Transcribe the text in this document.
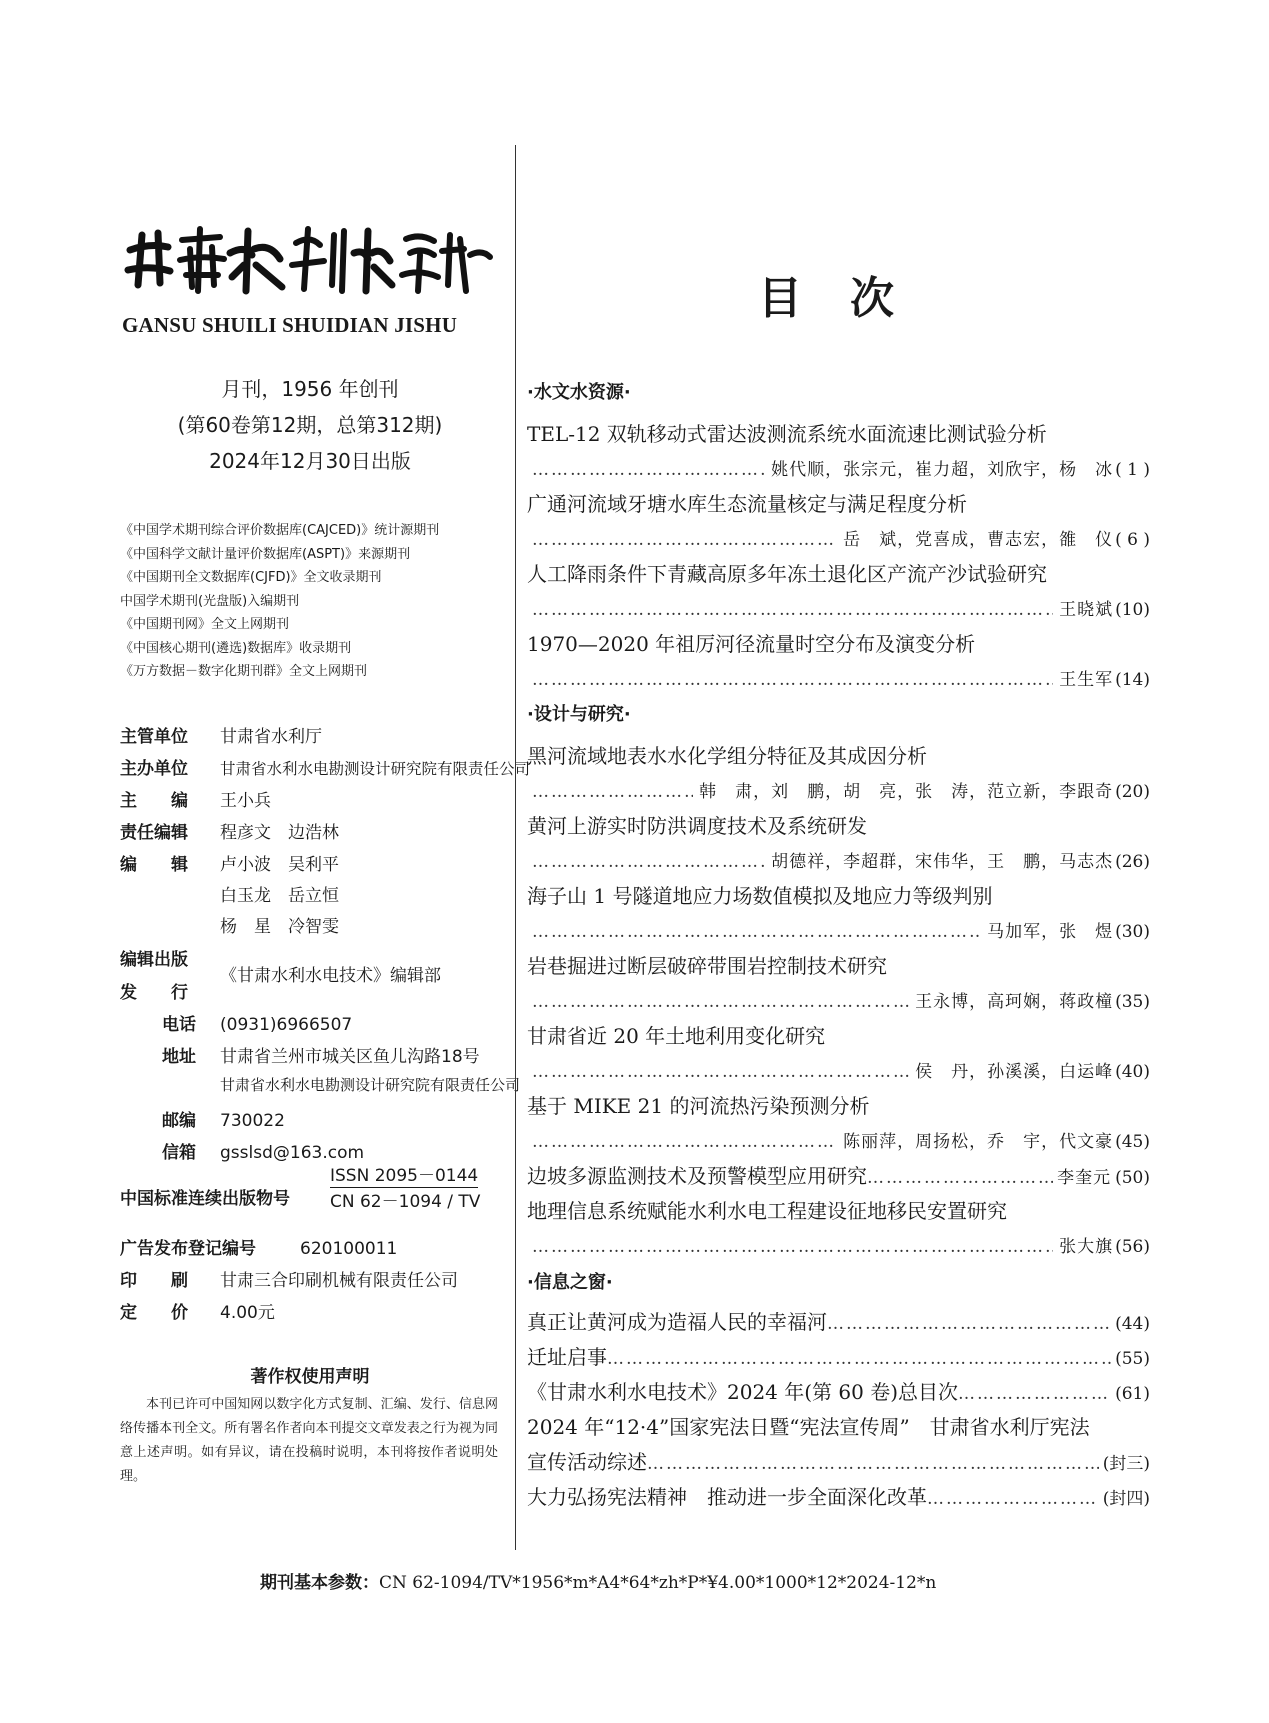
GANSU SHUILI SHUIDIAN JISHU
月刊，1956 年创刊
(第60卷第12期，总第312期)
2024年12月30日出版
《中国学术期刊综合评价数据库(CAJCED)》统计源期刊
《中国科学文献计量评价数据库(ASPT)》来源期刊
《中国期刊全文数据库(CJFD)》全文收录期刊
中国学术期刊(光盘版)入编期刊
《中国期刊网》全文上网期刊
《中国核心期刊(遴选)数据库》收录期刊
《万方数据－数字化期刊群》全文上网期刊
主管单位 甘肃省水利厅
主办单位 甘肃省水利水电勘测设计研究院有限责任公司
主　　编 王小兵
责任编辑 程彦文　边浩林
编　　辑 卢小波　吴利平
白玉龙　岳立恒
杨　星　冷智雯
编辑出版
发　　行
《甘肃水利水电技术》编辑部
电话 (0931)6966507
地址 甘肃省兰州市城关区鱼儿沟路18号
甘肃省水利水电勘测设计研究院有限责任公司
邮编 730022
信箱 gsslsd@163.com
中国标准连续出版物号
ISSN 2095－0144
CN 62－1094 / TV
广告发布登记编号	620100011
印　　刷 甘肃三合印刷机械有限责任公司
定　　价 4.00元
著作权使用声明
本刊已许可中国知网以数字化方式复制、汇编、发行、信息网络传播本刊全文。所有署名作者向本刊提交文章发表之行为视为同意上述声明。如有异议，请在投稿时说明，本刊将按作者说明处理。
目次
·水文水资源·
TEL-12 双轨移动式雷达波测流系统水面流速比测试验分析
…………………………………………………………………………………………………………………………………………
姚代顺，张宗元，崔力超，刘欣宇，杨　冰 ( 1 )
广通河流域牙塘水库生态流量核定与满足程度分析
…………………………………………………………………………………………………………………………………………
岳　斌，党喜成，曹志宏，雒　仪 ( 6 )
人工降雨条件下青藏高原多年冻土退化区产流产沙试验研究
…………………………………………………………………………………………………………………………………………
王晓斌 (10)
1970—2020 年祖厉河径流量时空分布及演变分析
…………………………………………………………………………………………………………………………………………
王生军 (14)
·设计与研究·
黑河流域地表水水化学组分特征及其成因分析
…………………………………………………………………………………………………………………………………………
韩　肃，刘　鹏，胡　亮，张　涛，范立新，李跟奇 (20)
黄河上游实时防洪调度技术及系统研发
…………………………………………………………………………………………………………………………………………
胡德祥，李超群，宋伟华，王　鹏，马志杰 (26)
海子山 1 号隧道地应力场数值模拟及地应力等级判别
…………………………………………………………………………………………………………………………………………
马加军，张　煜 (30)
岩巷掘进过断层破碎带围岩控制技术研究
…………………………………………………………………………………………………………………………………………
王永博，高珂娴，蒋政橦 (35)
甘肃省近 20 年土地利用变化研究
…………………………………………………………………………………………………………………………………………
侯　丹，孙溪溪，白运峰 (40)
基于 MIKE 21 的河流热污染预测分析
…………………………………………………………………………………………………………………………………………
陈丽萍，周扬松，乔　宇，代文豪 (45)
边坡多源监测技术及预警模型应用研究 …………………………………………………………………………………………………………………………………………	李奎元 (50)
地理信息系统赋能水利水电工程建设征地移民安置研究
…………………………………………………………………………………………………………………………………………
张大旗 (56)
·信息之窗·
真正让黄河成为造福人民的幸福河 …………………………………………………………………………………………………………………………………………	(44)
迁址启事 …………………………………………………………………………………………………………………………………………	(55)
《甘肃水利水电技术》2024 年(第 60 卷)总目次 …………………………………………………………………………………………………………………………………………	(61)
2024 年“12·4”国家宪法日暨“宪法宣传周”　甘肃省水利厅宪法
宣传活动综述 …………………………………………………………………………………………………………………………………………	(封三)
大力弘扬宪法精神　推动进一步全面深化改革 …………………………………………………………………………………………………………………………………………	(封四)
期刊基本参数：CN 62-1094/TV*1956*m*A4*64*zh*P*¥4.00*1000*12*2024-12*n
